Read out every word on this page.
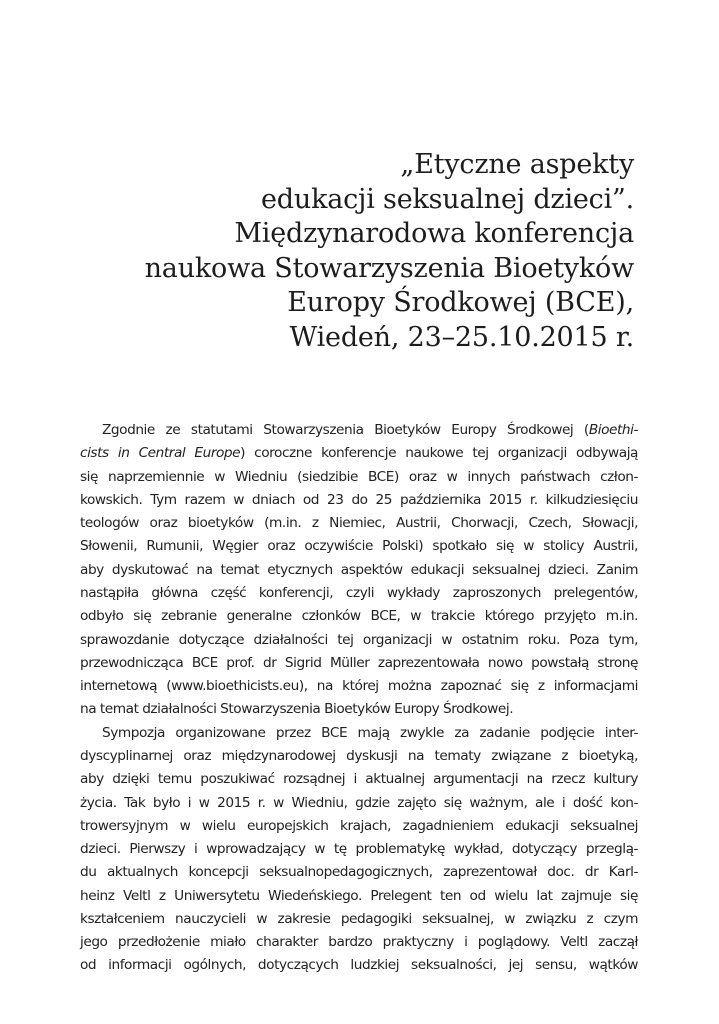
„Etyczne aspekty
edukacji seksualnej dzieci”.
Międzynarodowa konferencja
naukowa Stowarzyszenia Bioetyków
Europy Środkowej (BCE),
Wiedeń, 23–25.10.2015 r.
Zgodnie ze statutami Stowarzyszenia Bioetyków Europy Środkowej (Bioethi-
cists in Central Europe) coroczne konferencje naukowe tej organizacji odbywają
się naprzemiennie w Wiedniu (siedzibie BCE) oraz w innych państwach człon-
kowskich. Tym razem w dniach od 23 do 25 października 2015 r. kilkudziesięciu
teologów oraz bioetyków (m.in. z Niemiec, Austrii, Chorwacji, Czech, Słowacji,
Słowenii, Rumunii, Węgier oraz oczywiście Polski) spotkało się w stolicy Austrii,
aby dyskutować na temat etycznych aspektów edukacji seksualnej dzieci. Zanim
nastąpiła główna część konferencji, czyli wykłady zaproszonych prelegentów,
odbyło się zebranie generalne członków BCE, w trakcie którego przyjęto m.in.
sprawozdanie dotyczące działalności tej organizacji w ostatnim roku. Poza tym,
przewodnicząca BCE prof. dr Sigrid Müller zaprezentowała nowo powstałą stronę
internetową (www.bioethicists.eu), na której można zapoznać się z informacjami
na temat działalności Stowarzyszenia Bioetyków Europy Środkowej.
Sympozja organizowane przez BCE mają zwykle za zadanie podjęcie inter-
dyscyplinarnej oraz międzynarodowej dyskusji na tematy związane z bioetyką,
aby dzięki temu poszukiwać rozsądnej i aktualnej argumentacji na rzecz kultury
życia. Tak było i w 2015 r. w Wiedniu, gdzie zajęto się ważnym, ale i dość kon-
trowersyjnym w wielu europejskich krajach, zagadnieniem edukacji seksualnej
dzieci. Pierwszy i wprowadzający w tę problematykę wykład, dotyczący przeglą-
du aktualnych koncepcji seksualnopedagogicznych, zaprezentował doc. dr Karl-
heinz Veltl z Uniwersytetu Wiedeńskiego. Prelegent ten od wielu lat zajmuje się
kształceniem nauczycieli w zakresie pedagogiki seksualnej, w związku z czym
jego przedłożenie miało charakter bardzo praktyczny i poglądowy. Veltl zaczął
od informacji ogólnych, dotyczących ludzkiej seksualności, jej sensu, wątków
